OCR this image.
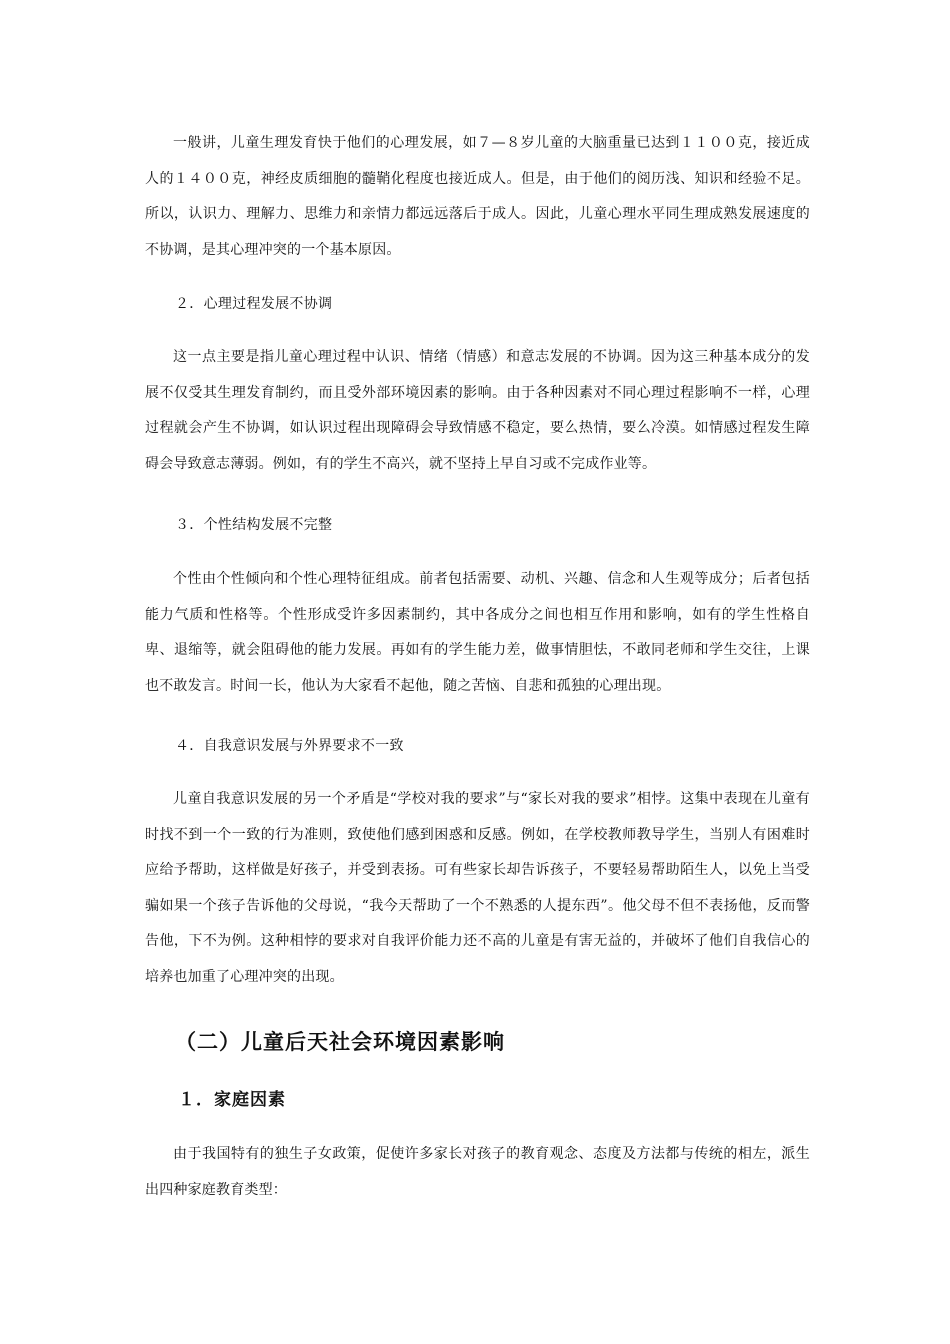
一般讲，儿童生理发育快于他们的心理发展，如７—８岁儿童的大脑重量已达到１１００克，接近成人的１４００克，神经皮质细胞的髓鞘化程度也接近成人。但是，由于他们的阅历浅、知识和经验不足。所以，认识力、理解力、思维力和亲情力都远远落后于成人。因此，儿童心理水平同生理成熟发展速度的不协调，是其心理冲突的一个基本原因。

２．心理过程发展不协调

这一点主要是指儿童心理过程中认识、情绪（情感）和意志发展的不协调。因为这三种基本成分的发展不仅受其生理发育制约，而且受外部环境因素的影响。由于各种因素对不同心理过程影响不一样，心理过程就会产生不协调，如认识过程出现障碍会导致情感不稳定，要么热情，要么冷漠。如情感过程发生障碍会导致意志薄弱。例如，有的学生不高兴，就不坚持上早自习或不完成作业等。

３．个性结构发展不完整

个性由个性倾向和个性心理特征组成。前者包括需要、动机、兴趣、信念和人生观等成分；后者包括能力气质和性格等。个性形成受许多因素制约，其中各成分之间也相互作用和影响，如有的学生性格自卑、退缩等，就会阻碍他的能力发展。再如有的学生能力差，做事情胆怯，不敢同老师和学生交往，上课也不敢发言。时间一长，他认为大家看不起他，随之苦恼、自悲和孤独的心理出现。

４．自我意识发展与外界要求不一致

儿童自我意识发展的另一个矛盾是“学校对我的要求”与“家长对我的要求”相悖。这集中表现在儿童有时找不到一个一致的行为准则，致使他们感到困惑和反感。例如，在学校教师教导学生，当别人有困难时应给予帮助，这样做是好孩子，并受到表扬。可有些家长却告诉孩子，不要轻易帮助陌生人，以免上当受骗如果一个孩子告诉他的父母说，“我今天帮助了一个不熟悉的人提东西”。他父母不但不表扬他，反而警告他，下不为例。这种相悖的要求对自我评价能力还不高的儿童是有害无益的，并破坏了他们自我信心的培养也加重了心理冲突的出现。

（二）儿童后天社会环境因素影响
１．家庭因素

由于我国特有的独生子女政策，促使许多家长对孩子的教育观念、态度及方法都与传统的相左，派生出四种家庭教育类型：
